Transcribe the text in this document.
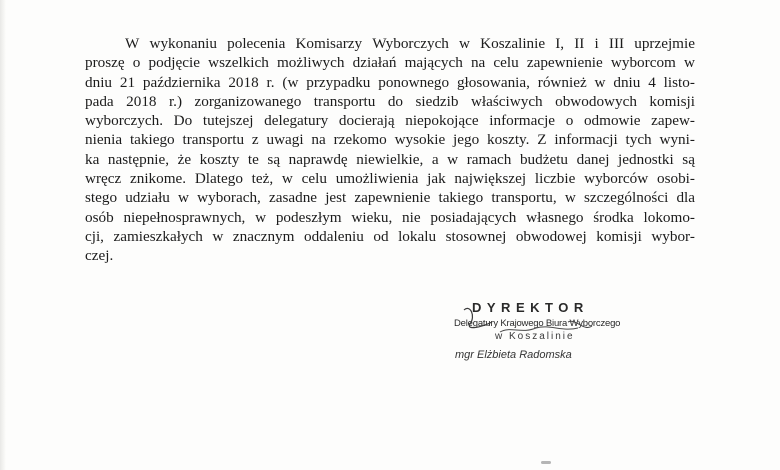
W wykonaniu polecenia Komisarzy Wyborczych w Koszalinie I, II i III uprzejmie
proszę o podjęcie wszelkich możliwych działań mających na celu zapewnienie wyborcom w
dniu 21 października 2018 r. (w przypadku ponownego głosowania, również w dniu 4 listo-
pada 2018 r.) zorganizowanego transportu do siedzib właściwych obwodowych komisji
wyborczych. Do tutejszej delegatury docierają niepokojące informacje o odmowie zapew-
nienia takiego transportu z uwagi na rzekomo wysokie jego koszty. Z informacji tych wyni-
ka następnie, że koszty te są naprawdę niewielkie, a w ramach budżetu danej jednostki są
wręcz znikome. Dlatego też, w celu umożliwienia jak największej liczbie wyborców osobi-
stego udziału w wyborach, zasadne jest zapewnienie takiego transportu, w szczególności dla
osób niepełnosprawnych, w podeszłym wieku, nie posiadających własnego środka lokomo-
cji, zamieszkałych w znacznym oddaleniu od lokalu stosownej obwodowej komisji wybor-
czej.
DYREKTOR
Delegatury Krajowego Biura Wyborczego
w Koszalinie
mgr Elżbieta Radomska
